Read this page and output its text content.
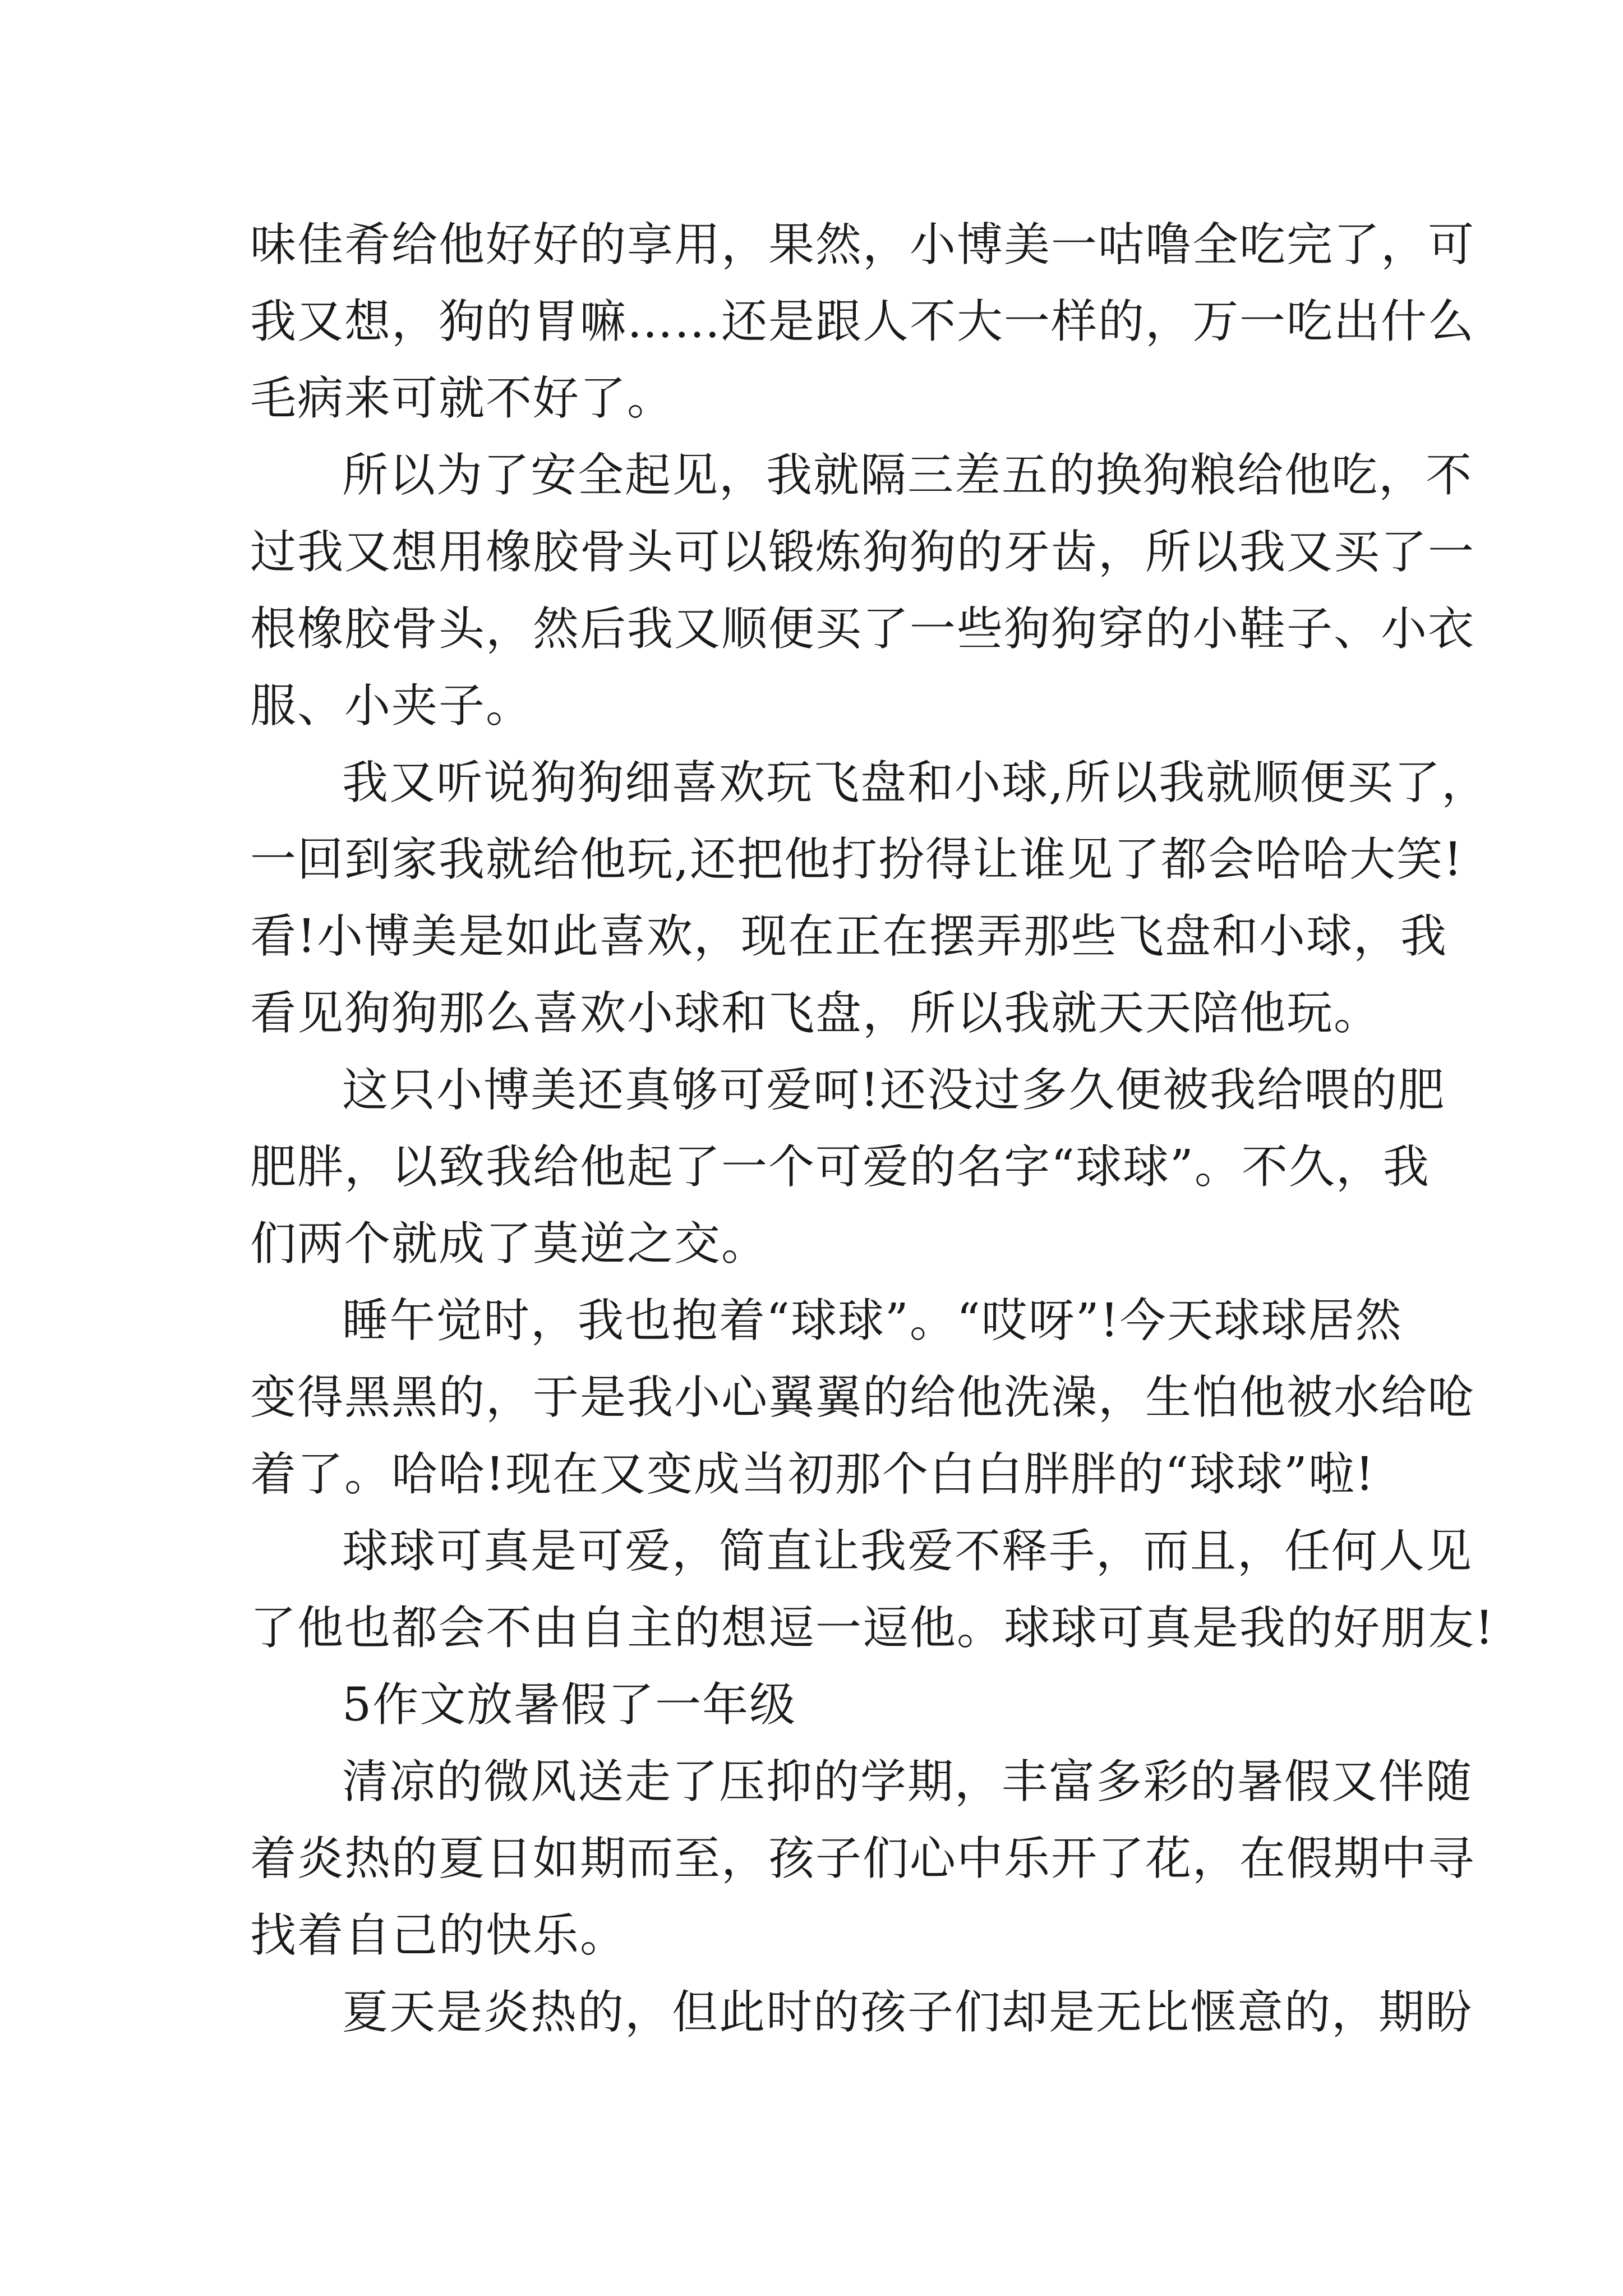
味佳肴给他好好的享用，果然，小博美一咕噜全吃完了，可
我又想，狗的胃嘛……还是跟人不大一样的，万一吃出什么
毛病来可就不好了。
所以为了安全起见，我就隔三差五的换狗粮给他吃，不
过我又想用橡胶骨头可以锻炼狗狗的牙齿，所以我又买了一
根橡胶骨头，然后我又顺便买了一些狗狗穿的小鞋子、小衣
服、小夹子。
我又听说狗狗细喜欢玩飞盘和小球,所以我就顺便买了，
一回到家我就给他玩,还把他打扮得让谁见了都会哈哈大笑!
看!小博美是如此喜欢，现在正在摆弄那些飞盘和小球，我
看见狗狗那么喜欢小球和飞盘，所以我就天天陪他玩。
这只小博美还真够可爱呵!还没过多久便被我给喂的肥
肥胖，以致我给他起了一个可爱的名字“球球”。不久，我
们两个就成了莫逆之交。
睡午觉时，我也抱着“球球”。“哎呀”!今天球球居然
变得黑黑的，于是我小心翼翼的给他洗澡，生怕他被水给呛
着了。哈哈!现在又变成当初那个白白胖胖的“球球”啦!
球球可真是可爱，简直让我爱不释手，而且，任何人见
了他也都会不由自主的想逗一逗他。球球可真是我的好朋友!
5作文放暑假了一年级
清凉的微风送走了压抑的学期，丰富多彩的暑假又伴随
着炎热的夏日如期而至，孩子们心中乐开了花，在假期中寻
找着自己的快乐。
夏天是炎热的，但此时的孩子们却是无比惬意的，期盼
